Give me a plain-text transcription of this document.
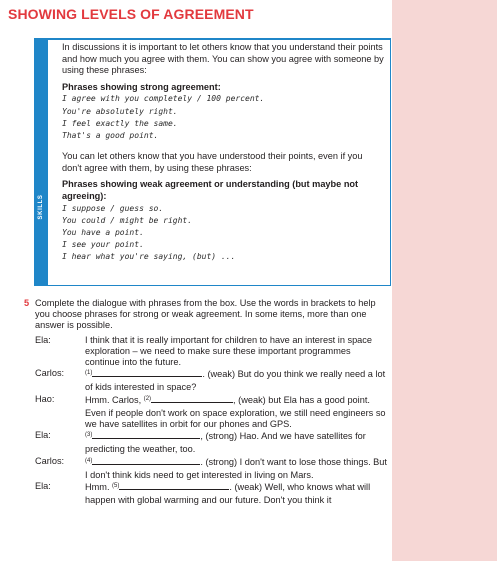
SHOWING LEVELS OF AGREEMENT
SKILLS

In discussions it is important to let others know that you understand their points and how much you agree with them. You can show you agree with someone by using these phrases:

Phrases showing strong agreement:
I agree with you completely / 100 percent.
You're absolutely right.
I feel exactly the same.
That's a good point.

You can let others know that you have understood their points, even if you don't agree with them, by using these phrases:

Phrases showing weak agreement or understanding (but maybe not agreeing):
I suppose / guess so.
You could / might be right.
You have a point.
I see your point.
I hear what you're saying, (but) ...
5 Complete the dialogue with phrases from the box. Use the words in brackets to help you choose phrases for strong or weak agreement. In some items, more than one answer is possible.

Ela:	I think that it is really important for children to have an interest in space exploration – we need to make sure these important programmes continue into the future.
Carlos:	$^{(1)}$	. (weak) But do you think we really need a lot of kids interested in space?
Hao:	Hmm. Carlos, $^{(2)}$	, (weak) but Ela has a good point. Even if people don't work on space exploration, we still need engineers so we have satellites in orbit for our phones and GPS.
Ela:	$^{(3)}$	, (strong) Hao. And we have satellites for predicting the weather, too.
Carlos:	$^{(4)}$	. (strong) I don't want to lose those things. But I don't think kids need to get interested in living on Mars.
Ela:	Hmm. $^{(5)}$	. (weak) Well, who knows what will happen with global warming and our future. Don't you think it
